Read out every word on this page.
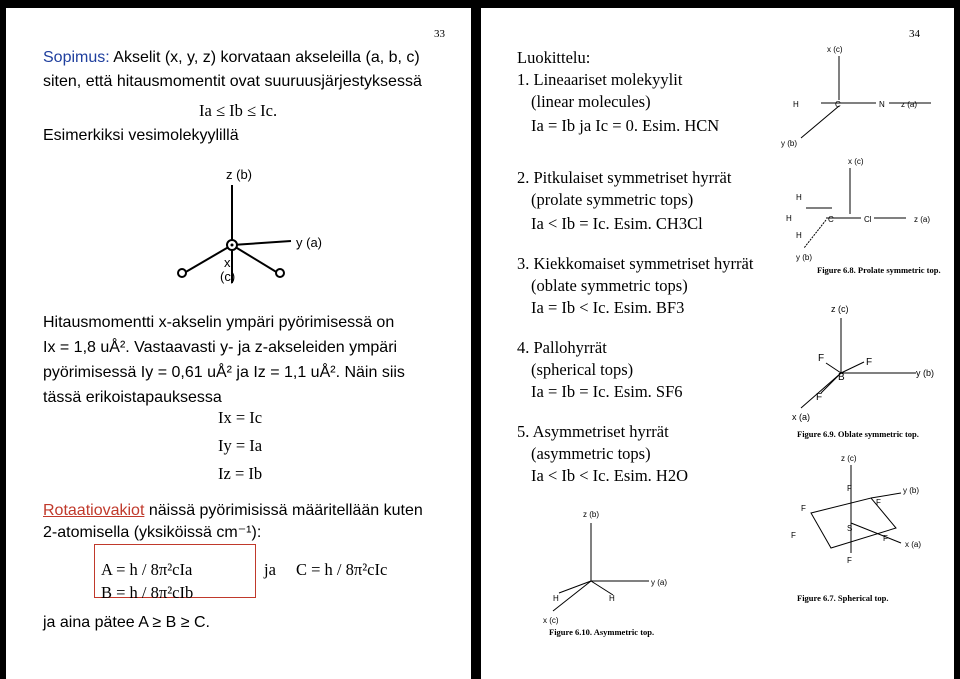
33
Sopimus: Akselit (x, y, z) korvataan akseleilla (a, b, c)
siten, että hitausmomentit ovat suuruusjärjestyksessä
Ia ≤ Ib ≤ Ic.
Esimerkiksi vesimolekyylillä
z (b)
y (a)
x
(c)
Hitausmomentti x-akselin ympäri pyörimisessä on
Ix = 1,8 uÅ². Vastaavasti y- ja z-akseleiden ympäri
pyörimisessä Iy = 0,61 uÅ² ja Iz = 1,1 uÅ². Näin siis
tässä erikoistapauksessa
Ix = Ic
Iy = Ia
Iz = Ib
Rotaatiovakiot näissä pyörimisissä määritellään kuten
2-atomisella (yksiköissä cm⁻¹):
A = h / 8π²cIa	ja C = h / 8π²cIc
B = h / 8π²cIb
ja aina pätee A ≥ B ≥ C.
34
Luokittelu:
1. Lineaariset molekyylit
(linear molecules)
Ia = Ib ja Ic = 0. Esim. HCN
2. Pitkulaiset symmetriset hyrrät
(prolate symmetric tops)
Ia < Ib = Ic. Esim. CH3Cl
3. Kiekkomaiset symmetriset hyrrät
(oblate symmetric tops)
Ia = Ib < Ic. Esim. BF3
4. Pallohyrrät
(spherical tops)
Ia = Ib = Ic. Esim. SF6
5. Asymmetriset hyrrät
(asymmetric tops)
Ia < Ib < Ic. Esim. H2O
H	C	N
x (c)
z (a)
y (b)
H
H	C	Cl
H
x (c)
z (a)
y (b)
Figure 6.8. Prolate symmetric top.
F	F
B
F
z (c)
y (b)
x (a)
Figure 6.9. Oblate symmetric top.
F
F
F
F
S
F
F
z (c)
y (b)
x (a)
Figure 6.7. Spherical top.
H	H
z (b)
y (a)
x (c)
Figure 6.10. Asymmetric top.
